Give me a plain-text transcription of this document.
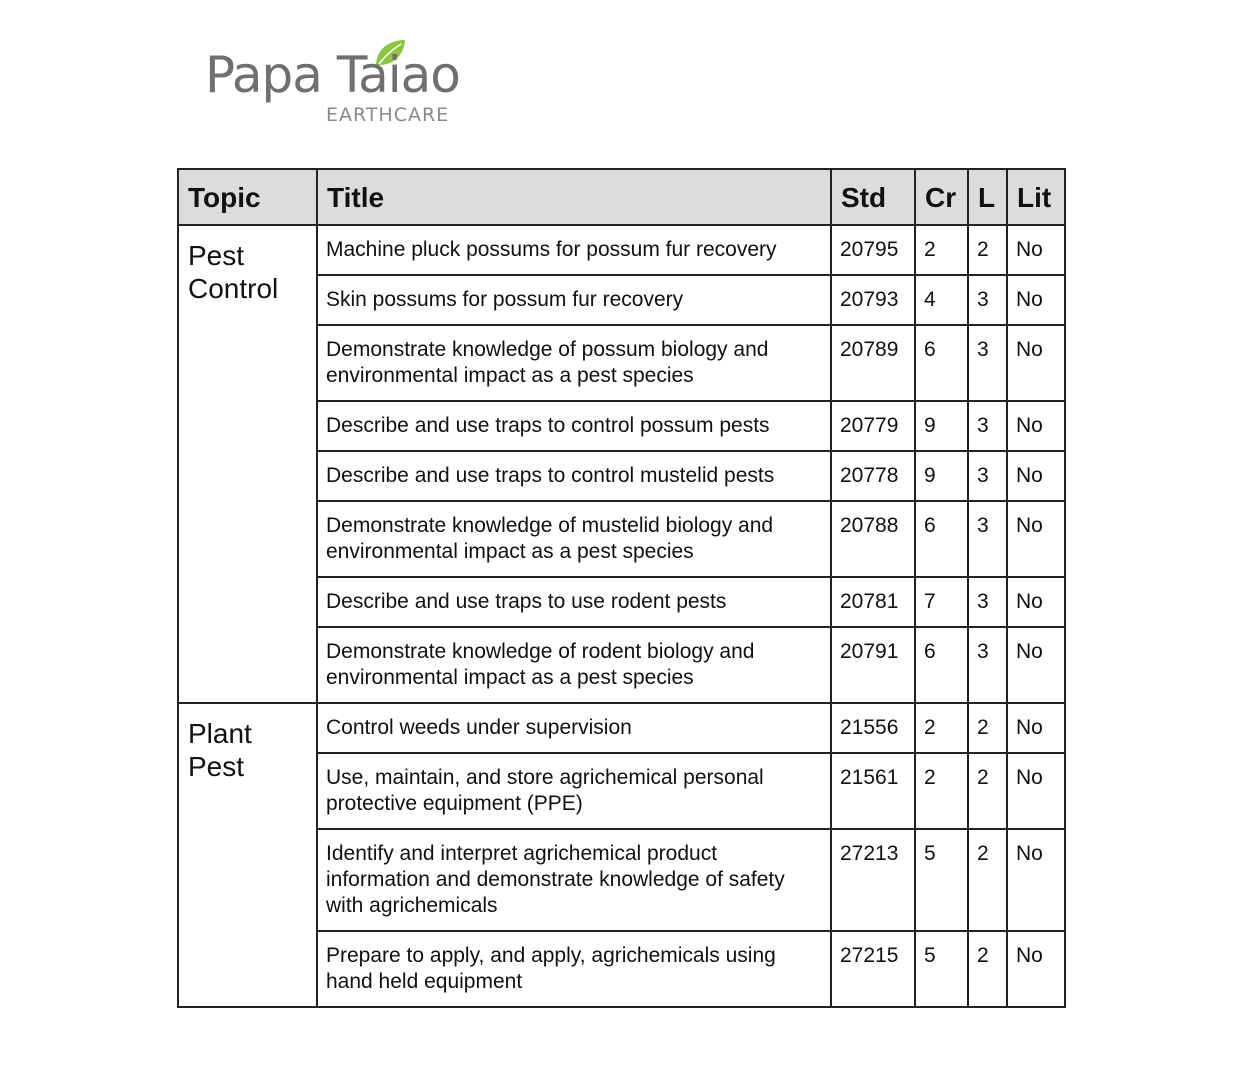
Papa Taiao
EARTHCARE
Topic	Title	Std	Cr	L	Lit
Pest Control	Machine pluck possums for possum fur recovery	20795	2	2	No
	Skin possums for possum fur recovery	20793	4	3	No
	Demonstrate knowledge of possum biology and environmental impact as a pest species	20789	6	3	No
	Describe and use traps to control possum pests	20779	9	3	No
	Describe and use traps to control mustelid pests	20778	9	3	No
	Demonstrate knowledge of mustelid biology and environmental impact as a pest species	20788	6	3	No
	Describe and use traps to use rodent pests	20781	7	3	No
	Demonstrate knowledge of rodent biology and environmental impact as a pest species	20791	6	3	No
Plant Pest	Control weeds under supervision	21556	2	2	No
	Use, maintain, and store agrichemical personal protective equipment (PPE)	21561	2	2	No
	Identify and interpret agrichemical product information and demonstrate knowledge of safety with agrichemicals	27213	5	2	No
	Prepare to apply, and apply, agrichemicals using hand held equipment	27215	5	2	No
